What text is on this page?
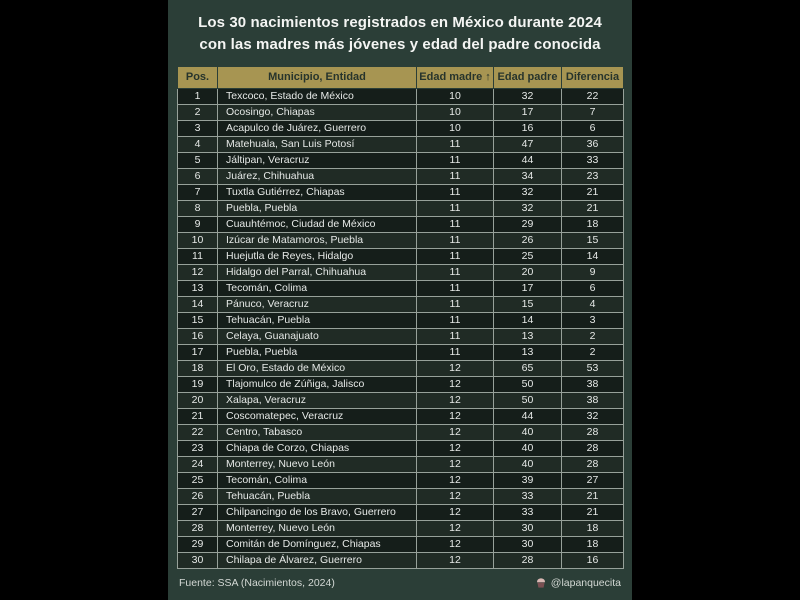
Los 30 nacimientos registrados en México durante 2024
con las madres más jóvenes y edad del padre conocida
Pos.	Municipio, Entidad	Edad madre ↑	Edad padre	Diferencia
1	Texcoco, Estado de México	10	32	22
2	Ocosingo, Chiapas	10	17	7
3	Acapulco de Juárez, Guerrero	10	16	6
4	Matehuala, San Luis Potosí	11	47	36
5	Jáltipan, Veracruz	11	44	33
6	Juárez, Chihuahua	11	34	23
7	Tuxtla Gutiérrez, Chiapas	11	32	21
8	Puebla, Puebla	11	32	21
9	Cuauhtémoc, Ciudad de México	11	29	18
10	Izúcar de Matamoros, Puebla	11	26	15
11	Huejutla de Reyes, Hidalgo	11	25	14
12	Hidalgo del Parral, Chihuahua	11	20	9
13	Tecomán, Colima	11	17	6
14	Pánuco, Veracruz	11	15	4
15	Tehuacán, Puebla	11	14	3
16	Celaya, Guanajuato	11	13	2
17	Puebla, Puebla	11	13	2
18	El Oro, Estado de México	12	65	53
19	Tlajomulco de Zúñiga, Jalisco	12	50	38
20	Xalapa, Veracruz	12	50	38
21	Coscomatepec, Veracruz	12	44	32
22	Centro, Tabasco	12	40	28
23	Chiapa de Corzo, Chiapas	12	40	28
24	Monterrey, Nuevo León	12	40	28
25	Tecomán, Colima	12	39	27
26	Tehuacán, Puebla	12	33	21
27	Chilpancingo de los Bravo, Guerrero	12	33	21
28	Monterrey, Nuevo León	12	30	18
29	Comitán de Domínguez, Chiapas	12	30	18
30	Chilapa de Álvarez, Guerrero	12	28	16
Fuente: SSA (Nacimientos, 2024)	@lapanquecita
